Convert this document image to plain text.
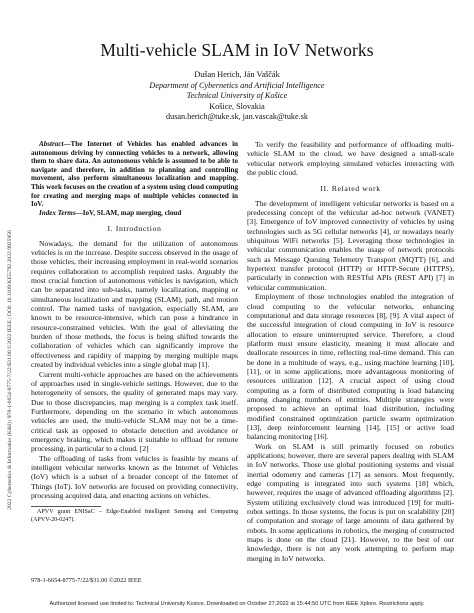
Multi-vehicle SLAM in IoV Networks
Dušan Herich, Ján Vaščák
Department of Cybernetics and Artificial Intelligence
Technical University of Košice
Košice, Slovakia
dusan.herich@tuke.sk, jan.vascak@tuke.sk
2022 Cybernetics & Informatics (K&I) | 978-1-6654-8775-7/22/$31.00 ©2022 IEEE | DOI: 10.1109/KI55792.2022.9925956
Abstract—The Internet of Vehicles has enabled advances in autonomous driving by connecting vehicles to a network, allowing them to share data. An autonomous vehicle is assumed to be able to navigate and therefore, in addition to planning and controlling movement, also perform simultaneous localization and mapping. This work focuses on the creation of a system using cloud computing for creating and merging maps of multiple vehicles connected in IoV.
Index Terms—IoV, SLAM, map merging, cloud
I. Introduction

Nowadays, the demand for the utilization of autonomous vehicles is on the increase. Despite success observed in the usage of those vehicles, their increasing employment in real-world scenarios requires collaboration to accomplish required tasks. Arguably the most crucial function of autonomous vehicles is navigation, which can be separated into sub-tasks, namely localization, mapping or simultaneous localization and mapping (SLAM), path, and motion control. The named tasks of navigation, especially SLAM, are known to be resource-intensive, which can pose a hindrance in resource-constrained vehicles. With the goal of alleviating the burden of those methods, the focus is being shifted towards the collaboration of vehicles which can significantly improve the effectiveness and rapidity of mapping by merging multiple maps created by individual vehicles into a single global map [1].

Current multi-vehicle approaches are based on the achievements of approaches used in single-vehicle settings. However, due to the heterogeneity of sensors, the quality of generated maps may vary. Due to those discrepancies, map merging is a complex task itself. Furthermore, depending on the scenario in which autonomous vehicles are used, the multi-vehicle SLAM may not be a time-critical task as opposed to obstacle detection and avoidance or emergency braking, which makes it suitable to offload for remote processing, in particular to a cloud. [2]

The offloading of tasks from vehicles is feasible by means of intelligent vehicular networks known as the Internet of Vehicles (IoV) which is a subset of a broader concept of the Internet of Things (IoT). IoV networks are focused on providing connectivity, processing acquired data, and enacting actions on vehicles.

APVV grant ENISaC – Edge-Enabled Intelligent Sensing and Computing (APVV-20-0247).

To verify the feasibility and performance of offloading multi-vehicle SLAM to the cloud, we have designed a small-scale vehicular network employing simulated vehicles interacting with the public cloud.

II. Related work

The development of intelligent vehicular networks is based on a predecessing concept of the vehicular ad-hoc network (VANET) [3]. Emergence of IoV improved connectivity of vehicles by using technologies such as 5G cellular networks [4], or nowadays nearly ubiquitous WiFi networks [5]. Leveraging those technologies in vehicular communication enables the usage of network protocols such as Message Queuing Telemetry Transport (MQTT) [6], and hypertext transfer protocol (HTTP) or HTTP-Secure (HTTPS), particularly in connection with RESTful APIs (REST API) [7] in vehicular communication.

Employment of those technologies enabled the integration of cloud computing to the vehicular networks, enhancing computational and data storage resources [8], [9]. A vital aspect of the successful integration of cloud computing in IoV is resource allocation to ensure uninterrupted service. Therefore, a cloud platform must ensure elasticity, meaning it must allocate and deallocate resources in time, reflecting real-time demand. This can be done in a multitude of ways, e.g., using machine learning [10], [11], or in some applications, more advantageous monitoring of resources utilization [12]. A crucial aspect of using cloud computing as a form of distributed computing is load balancing among changing numbers of entities. Multiple strategies were proposed to achieve an optimal load distribution, including modified constrained optimization particle swarm optimization [13], deep reinforcement learning [14], [15] or active load balancing monitoring [16].

Work on SLAM is still primarily focused on robotics applications; however, there are several papers dealing with SLAM in IoV networks. Those use global positioning systems and visual inertial odometry and cameras [17] as sensors. Most frequently, edge computing is integrated into such systems [18] which, however, requires the usage of advanced offloading algorithms [2]. System utilizing exclusively cloud was introduced [19] for multi-robot settings. In those systems, the focus is put on scalability [20] of computation and storage of large amounts of data gathered by robots. In some applications in robotics, the merging of constructed maps is done on the cloud [21]. However, to the best of our knowledge, there is not any work attempting to perform map merging in IoV networks.

978-1-6654-8775-7/22/$31.00 ©2022 IEEE
Authorized licensed use limited to: Technical University Kosice. Downloaded on October 27,2022 at 15:44:50 UTC from IEEE Xplore. Restrictions apply.
